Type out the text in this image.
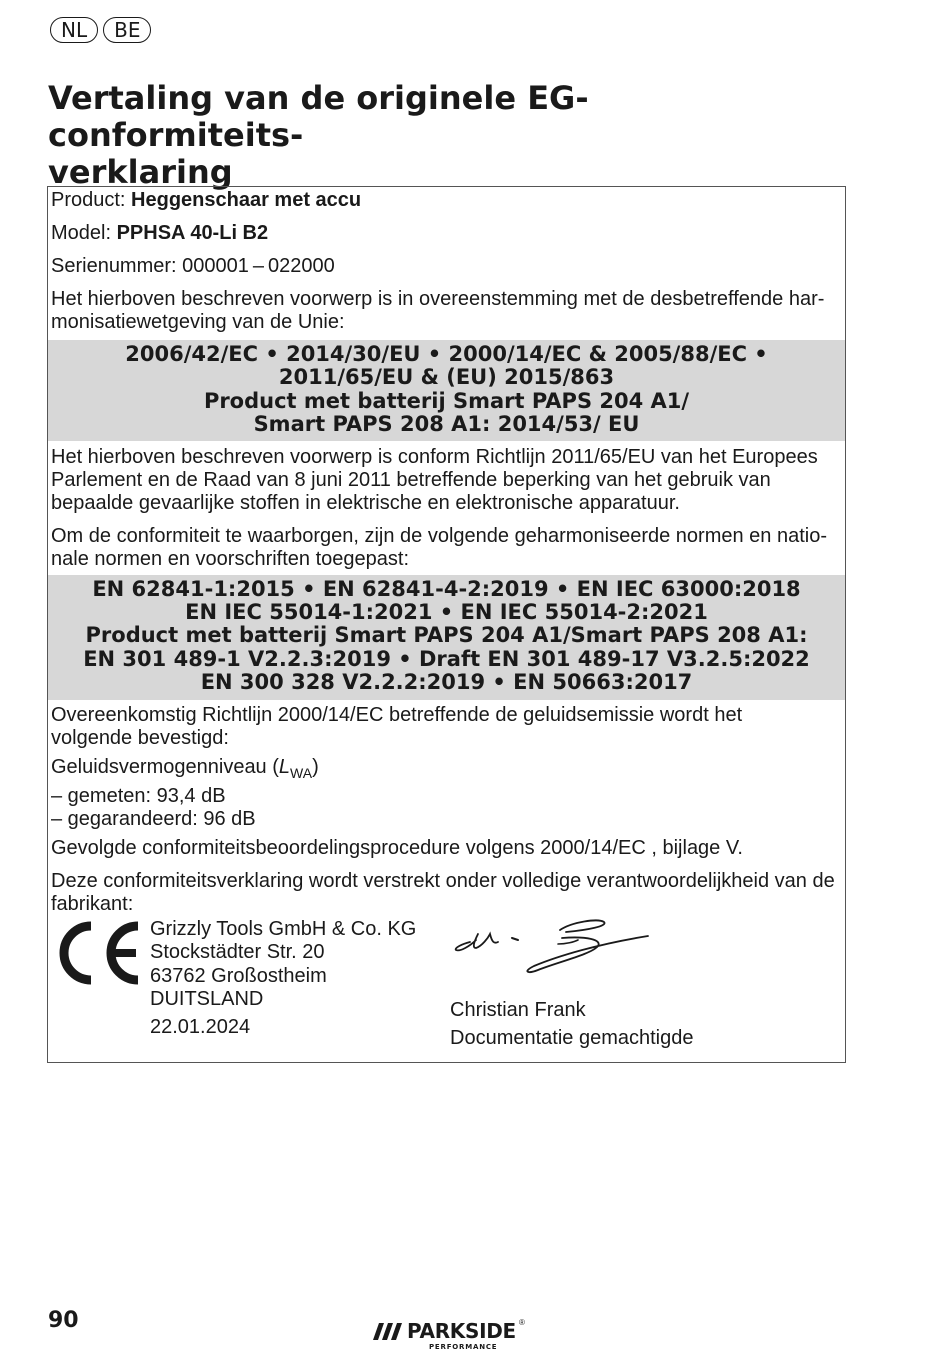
NL	BE
Vertaling van de originele EG-conformiteits-
verklaring

Product: Heggenschaar met accu

Model: PPHSA 40-Li B2

Serienummer: 000001 – 022000

Het hierboven beschreven voorwerp is in overeenstemming met de desbetreffende har-
monisatiewetgeving van de Unie:

2006/42/EC • 2014/30/EU • 2000/14/EC & 2005/88/EC •
2011/65/EU & (EU) 2015/863
Product met batterij Smart PAPS 204 A1/
Smart PAPS 208 A1: 2014/53/ EU

Het hierboven beschreven voorwerp is conform Richtlijn 2011/65/EU van het Europees
Parlement en de Raad van 8 juni 2011 betreffende beperking van het gebruik van
bepaalde gevaarlijke stoffen in elektrische en elektronische apparatuur.

Om de conformiteit te waarborgen, zijn de volgende geharmoniseerde normen en natio-
nale normen en voorschriften toegepast:

EN 62841-1:2015 • EN 62841-4-2:2019 • EN IEC 63000:2018
EN IEC 55014-1:2021 • EN IEC 55014-2:2021
Product met batterij Smart PAPS 204 A1/Smart PAPS 208 A1:
EN 301 489-1 V2.2.3:2019 • Draft EN 301 489-17 V3.2.5:2022
EN 300 328 V2.2.2:2019 • EN 50663:2017

Overeenkomstig Richtlijn 2000/14/EC betreffende de geluidsemissie wordt het
volgende bevestigd:

Geluidsvermogenniveau $(L_{WA})$

– gemeten: 93,4 dB

– gegarandeerd: 96 dB

Gevolgde conformiteitsbeoordelingsprocedure volgens 2000/14/EC , bijlage V.

Deze conformiteitsverklaring wordt verstrekt onder volledige verantwoordelijkheid van de
fabrikant:

Grizzly Tools GmbH & Co. KG
Stockstädter Str. 20
63762 Großostheim
DUITSLAND
22.01.2024
Christian Frank
Documentatie gemachtigde
90	PARKSIDE ®
PERFORMANCE
